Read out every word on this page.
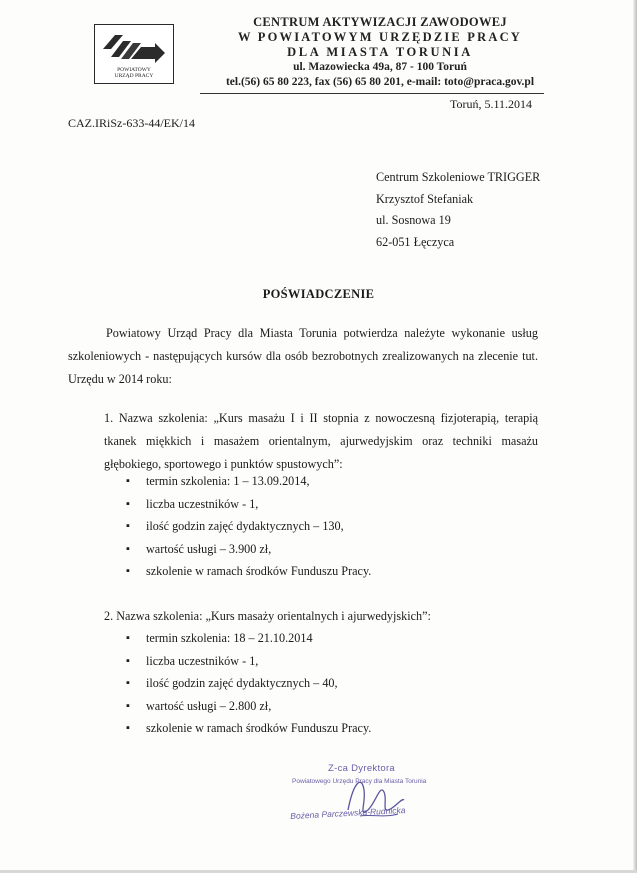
POWIATOWY
URZĄD PRACY
CENTRUM AKTYWIZACJI ZAWODOWEJ
W POWIATOWYM URZĘDZIE PRACY
DLA MIASTA TORUNIA
ul. Mazowiecka 49a, 87 - 100 Toruń
tel.(56) 65 80 223, fax (56) 65 80 201, e-mail: toto@praca.gov.pl
Toruń, 5.11.2014
CAZ.IRiSz-633-44/EK/14
Centrum Szkoleniowe TRIGGER
Krzysztof Stefaniak
ul. Sosnowa 19
62-051 Łęczyca
POŚWIADCZENIE

Powiatowy Urząd Pracy dla Miasta Torunia potwierdza należyte wykonanie usług szkoleniowych - następujących kursów dla osób bezrobotnych zrealizowanych na zlecenie tut. Urzędu w 2014 roku:

1. Nazwa szkolenia: „Kurs masażu I i II stopnia z nowoczesną fizjoterapią, terapią tkanek miękkich i masażem orientalnym, ajurwedyjskim oraz techniki masażu głębokiego, sportowego i punktów spustowych”:

▪ termin szkolenia: 1 – 13.09.2014,
▪ liczba uczestników - 1,
▪ ilość godzin zajęć dydaktycznych – 130,
▪ wartość usługi – 3.900 zł,
▪ szkolenie w ramach środków Funduszu Pracy.

2. Nazwa szkolenia: „Kurs masaży orientalnych i ajurwedyjskich”:

▪ termin szkolenia: 18 – 21.10.2014
▪ liczba uczestników - 1,
▪ ilość godzin zajęć dydaktycznych – 40,
▪ wartość usługi – 2.800 zł,
▪ szkolenie w ramach środków Funduszu Pracy.
Z-ca Dyrektora
Powiatowego Urzędu Pracy dla Miasta Torunia
Bożena Parczewska-Rudnicka
